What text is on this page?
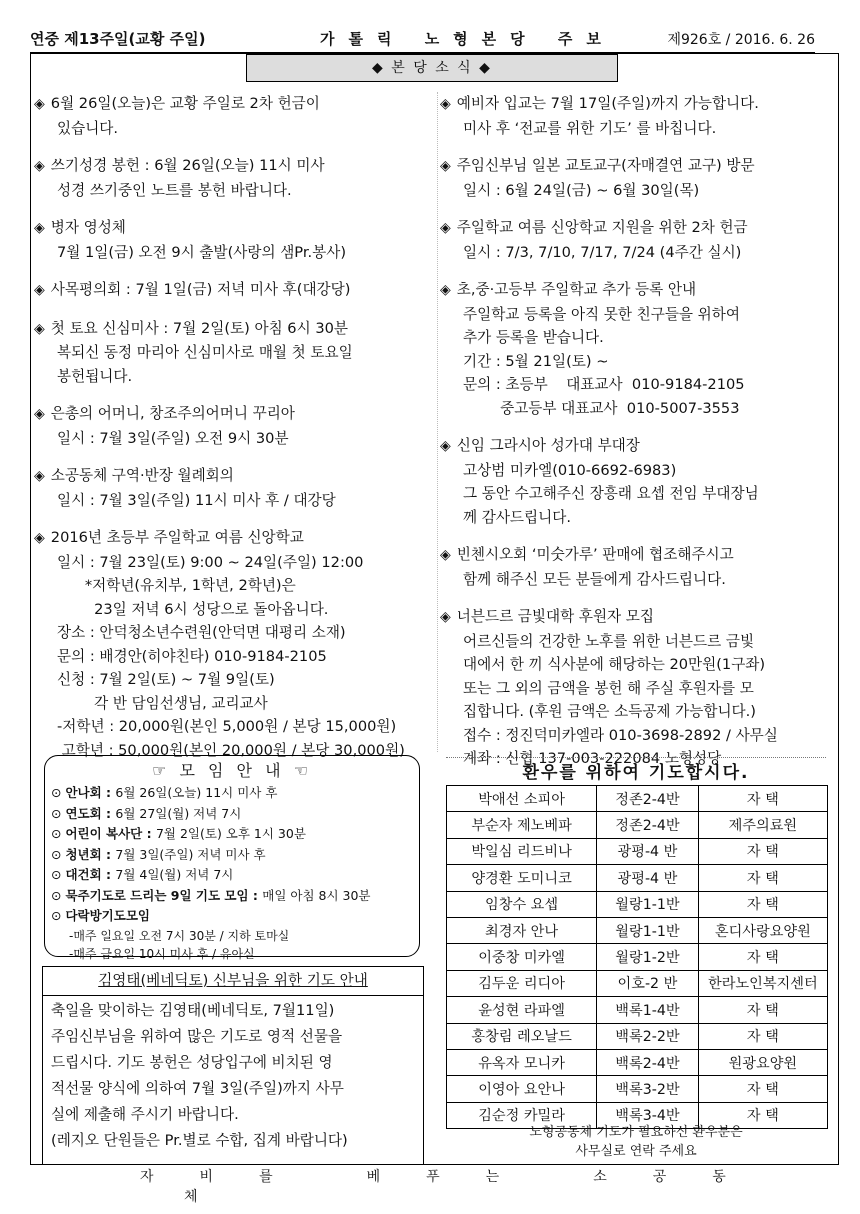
연중 제13주일(교황 주일)	가톨릭 노형본당 주보	제926호 / 2016. 6. 26
◆ 본 당 소 식 ◆
◈ 6월 26일(오늘)은 교황 주일로 2차 헌금이
있습니다.
◈ 쓰기성경 봉헌 : 6월 26일(오늘) 11시 미사
성경 쓰기중인 노트를 봉헌 바랍니다.
◈ 병자 영성체
7월 1일(금) 오전 9시 출발(사랑의 샘Pr.봉사)
◈ 사목평의회 : 7월 1일(금) 저녁 미사 후(대강당)
◈ 첫 토요 신심미사 : 7월 2일(토) 아침 6시 30분
복되신 동정 마리아 신심미사로 매월 첫 토요일
봉헌됩니다.
◈ 은총의 어머니, 창조주의어머니 꾸리아
일시 : 7월 3일(주일) 오전 9시 30분
◈ 소공동체 구역·반장 월례회의
일시 : 7월 3일(주일) 11시 미사 후 / 대강당
◈ 2016년 초등부 주일학교 여름 신앙학교
일시 : 7월 23일(토) 9:00 ~ 24일(주일) 12:00
*저학년(유치부, 1학년, 2학년)은
23일 저녁 6시 성당으로 돌아옵니다.
장소 : 안덕청소년수련원(안덕면 대평리 소재)
문의 : 배경안(히야친타) 010-9184-2105
신청 : 7월 2일(토) ~ 7월 9일(토)
각 반 담임선생님, 교리교사
-저학년 : 20,000원(본인 5,000원 / 본당 15,000원)
고학년 : 50,000원(본인 20,000원 / 본당 30,000원)
◈ 예비자 입교는 7월 17일(주일)까지 가능합니다.
미사 후 ‘전교를 위한 기도’ 를 바칩니다.
◈ 주임신부님 일본 교토교구(자매결연 교구) 방문
일시 : 6월 24일(금) ~ 6월 30일(목)
◈ 주일학교 여름 신앙학교 지원을 위한 2차 헌금
일시 : 7/3, 7/10, 7/17, 7/24 (4주간 실시)
◈ 초,중·고등부 주일학교 추가 등록 안내
주일학교 등록을 아직 못한 친구들을 위하여
추가 등록을 받습니다.
기간 : 5월 21일(토) ~
문의 : 초등부    대표교사  010-9184-2105
중고등부 대표교사  010-5007-3553
◈ 신임 그라시아 성가대 부대장
고상범 미카엘(010-6692-6983)
그 동안 수고해주신 장흥래 요셉 전임 부대장님
께 감사드립니다.
◈ 빈첸시오회 ‘미숫가루’ 판매에 협조해주시고
함께 해주신 모든 분들에게 감사드립니다.
◈ 너븐드르 금빛대학 후원자 모집
어르신들의 건강한 노후를 위한 너븐드르 금빛
대에서 한 끼 식사분에 해당하는 20만원(1구좌)
또는 그 외의 금액을 봉헌 해 주실 후원자를 모
집합니다. (후원 금액은 소득공제 가능합니다.)
접수 : 정진덕미카엘라 010-3698-2892 / 사무실
계좌 : 신협 137-003-222084 노형성당
☞ 모 임 안 내 ☜
⊙ 안나회 : 6월 26일(오늘) 11시 미사 후
⊙ 연도회 : 6월 27일(월) 저녁 7시
⊙ 어린이 복사단 : 7월 2일(토) 오후 1시 30분
⊙ 청년회 : 7월 3일(주일) 저녁 미사 후
⊙ 대건회 : 7월 4일(월) 저녁 7시
⊙ 묵주기도로 드리는 9일 기도 모임 : 매일 아침 8시 30분
⊙ 다락방기도모임
-매주 일요일 오전 7시 30분 / 지하 토마실
-매주 금요일 10시 미사 후 / 유아실
김영태(베네딕토) 신부님을 위한 기도 안내
축일을 맞이하는 김영태(베네딕토, 7월11일)
주임신부님을 위하여 많은 기도로 영적 선물을
드립시다. 기도 봉헌은 성당입구에 비치된 영
적선물 양식에 의하여 7월 3일(주일)까지 사무
실에 제출해 주시기 바랍니다.
(레지오 단원들은 Pr.별로 수합, 집계 바랍니다)
환우를 위하여 기도합시다.
박애선 소피아	정존2-4반	자 택
부순자 제노베파	정존2-4반	제주의료원
박일심 리드비나	광평-4 반	자 택
양경환 도미니코	광평-4 반	자 택
임창수 요셉	월랑1-1반	자 택
최경자 안나	월랑1-1반	혼디사랑요양원
이중창 미카엘	월랑1-2반	자 택
김두운 리디아	이호-2 반	한라노인복지센터
윤성현 라파엘	백록1-4반	자 택
홍창림 레오날드	백록2-2반	자 택
유옥자 모니카	백록2-4반	원광요양원
이영아 요안나	백록3-2반	자 택
김순정 카밀라	백록3-4반	자 택
노형공동체 기도가 필요하신 환우분은
사무실로 연락 주세요
자	비	를	베	푸	는	소	공	동체
